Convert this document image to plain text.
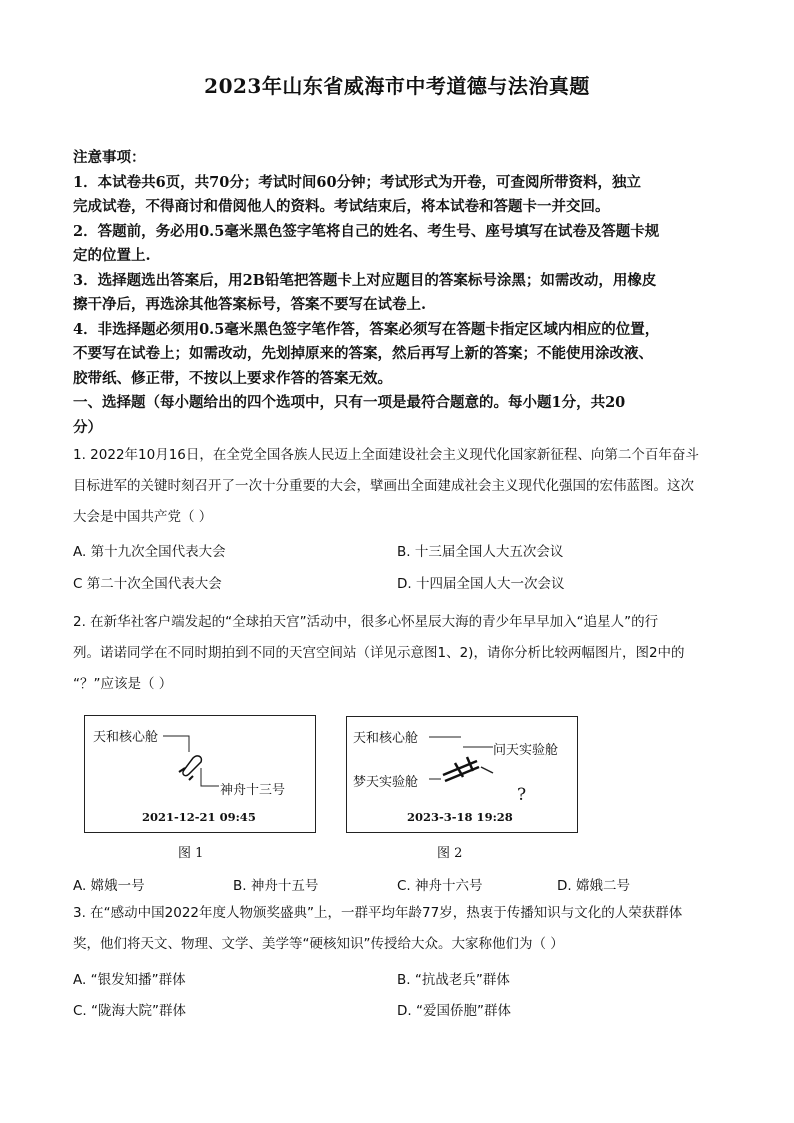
2023年山东省威海市中考道德与法治真题
注意事项：
1．本试卷共6页，共70分；考试时间60分钟；考试形式为开卷，可查阅所带资料，独立
完成试卷，不得商讨和借阅他人的资料。考试结束后，将本试卷和答题卡一并交回。
2．答题前，务必用0.5毫米黑色签字笔将自己的姓名、考生号、座号填写在试卷及答题卡规
定的位置上.
3．选择题选出答案后，用2B铅笔把答题卡上对应题目的答案标号涂黑；如需改动，用橡皮
擦干净后，再选涂其他答案标号，答案不要写在试卷上.
4．非选择题必须用0.5毫米黑色签字笔作答，答案必须写在答题卡指定区域内相应的位置，
不要写在试卷上；如需改动，先划掉原来的答案，然后再写上新的答案；不能使用涂改液、
胶带纸、修正带，不按以上要求作答的答案无效。
一、选择题（每小题给出的四个选项中，只有一项是最符合题意的。每小题1分，共20
分）
1. 2022年10月16日，在全党全国各族人民迈上全面建设社会主义现代化国家新征程、向第二个百年奋斗
目标进军的关键时刻召开了一次十分重要的大会，擘画出全面建成社会主义现代化强国的宏伟蓝图。这次
大会是中国共产党（ ）
A. 第十九次全国代表大会	B. 十三届全国人大五次会议
C 第二十次全国代表大会	D. 十四届全国人大一次会议
2. 在新华社客户端发起的“全球拍天宫”活动中，很多心怀星辰大海的青少年早早加入“追星人”的行
列。诺诺同学在不同时期拍到不同的天宫空间站（详见示意图1、2)，请你分析比较两幅图片，图2中的
“？”应该是（ ）
天和核心舱
神舟十三号
2021-12-21 09:45
图 1
天和核心舱
问天实验舱
梦天实验舱
?
2023-3-18 19:28
图 2
A. 嫦娥一号	B. 神舟十五号	C. 神舟十六号	D. 嫦娥二号
3. 在“感动中国2022年度人物颁奖盛典”上，一群平均年龄77岁，热衷于传播知识与文化的人荣获群体
奖，他们将天文、物理、文学、美学等“硬核知识”传授给大众。大家称他们为（ ）
A. “银发知播”群体	B. “抗战老兵”群体
C. “陇海大院”群体	D. “爱国侨胞”群体
